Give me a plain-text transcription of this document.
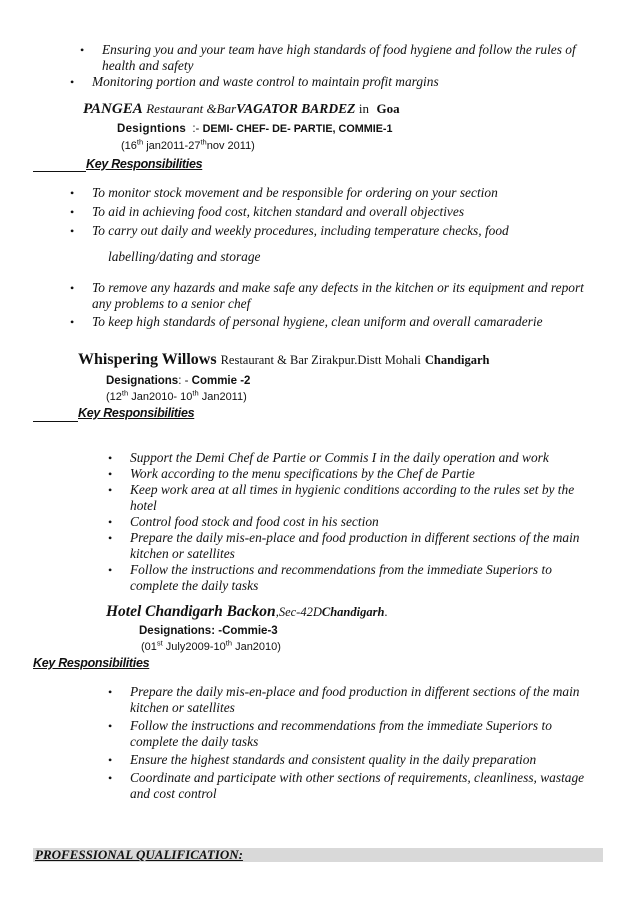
• Ensuring you and your team have high standards of food hygiene and follow the rules of health and safety
• Monitoring portion and waste control to maintain profit margins
PANGEA Restaurant &BarVAGATOR BARDEZ in Goa
Designtions :- DEMI- CHEF- DE- PARTIE, COMMIE-1
(16th jan2011-27thnov 2011)
Key Responsibilities
• To monitor stock movement and be responsible for ordering on your section
• To aid in achieving food cost, kitchen standard and overall objectives
• To carry out daily and weekly procedures, including temperature checks, food
labelling/dating and storage
• To remove any hazards and make safe any defects in the kitchen or its equipment and report any problems to a senior chef
• To keep high standards of personal hygiene, clean uniform and overall camaraderie
Whispering Willows Restaurant & Bar Zirakpur.Distt Mohali Chandigarh
Designations: - Commie -2
(12th Jan2010- 10th Jan2011)
Key Responsibilities
• Support the Demi Chef de Partie or Commis I in the daily operation and work
• Work according to the menu specifications by the Chef de Partie
• Keep work area at all times in hygienic conditions according to the rules set by the hotel
• Control food stock and food cost in his section
• Prepare the daily mis-en-place and food production in different sections of the main kitchen or satellites
• Follow the instructions and recommendations from the immediate Superiors to complete the daily tasks
Hotel Chandigarh Backon,Sec-42DChandigarh.
Designations: -Commie-3
(01st July2009-10th Jan2010)
Key Responsibilities
• Prepare the daily mis-en-place and food production in different sections of the main kitchen or satellites
• Follow the instructions and recommendations from the immediate Superiors to complete the daily tasks
• Ensure the highest standards and consistent quality in the daily preparation
• Coordinate and participate with other sections of requirements, cleanliness, wastage and cost control
PROFESSIONAL QUALIFICATION:
